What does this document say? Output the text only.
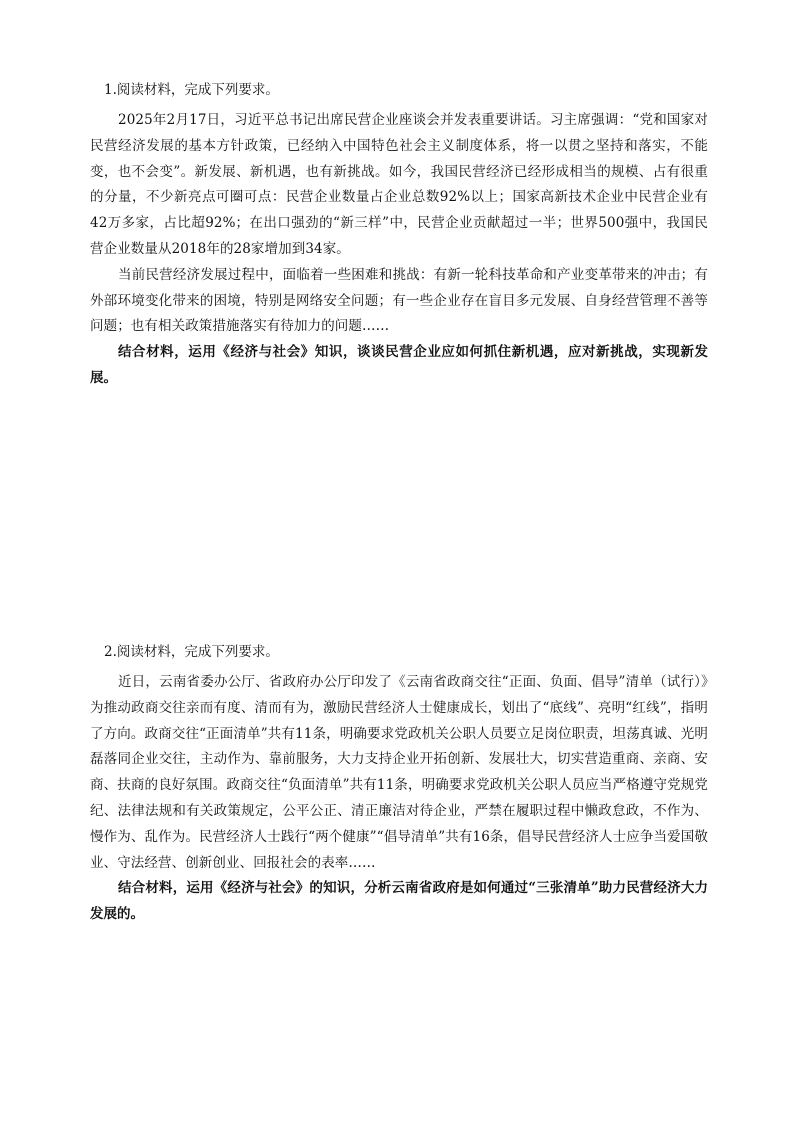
1.阅读材料，完成下列要求。

2025年2月17日，习近平总书记出席民营企业座谈会并发表重要讲话。习主席强调：“党和国家对民营经济发展的基本方针政策，已经纳入中国特色社会主义制度体系，将一以贯之坚持和落实，不能变，也不会变”。新发展、新机遇，也有新挑战。如今，我国民营经济已经形成相当的规模、占有很重的分量，不少新亮点可圈可点：民营企业数量占企业总数92%以上；国家高新技术企业中民营企业有42万多家，占比超92%；在出口强劲的“新三样”中，民营企业贡献超过一半；世界500强中，我国民营企业数量从2018年的28家增加到34家。

当前民营经济发展过程中，面临着一些困难和挑战：有新一轮科技革命和产业变革带来的冲击；有外部环境变化带来的困境，特别是网络安全问题；有一些企业存在盲目多元发展、自身经营管理不善等问题；也有相关政策措施落实有待加力的问题……

结合材料，运用《经济与社会》知识，谈谈民营企业应如何抓住新机遇，应对新挑战，实现新发展。

2.阅读材料，完成下列要求。

近日，云南省委办公厅、省政府办公厅印发了《云南省政商交往“正面、负面、倡导”清单（试行）》为推动政商交往亲而有度、清而有为，激励民营经济人士健康成长，划出了“底线”、亮明“红线”，指明了方向。政商交往“正面清单”共有11条，明确要求党政机关公职人员要立足岗位职责，坦荡真诚、光明磊落同企业交往，主动作为、靠前服务，大力支持企业开拓创新、发展壮大，切实营造重商、亲商、安商、扶商的良好氛围。政商交往“负面清单”共有11条，明确要求党政机关公职人员应当严格遵守党规党纪、法律法规和有关政策规定，公平公正、清正廉洁对待企业，严禁在履职过程中懒政怠政，不作为、慢作为、乱作为。民营经济人士践行“两个健康”“倡导清单”共有16条，倡导民营经济人士应争当爱国敬业、守法经营、创新创业、回报社会的表率……

结合材料，运用《经济与社会》的知识，分析云南省政府是如何通过“三张清单”助力民营经济大力发展的。
